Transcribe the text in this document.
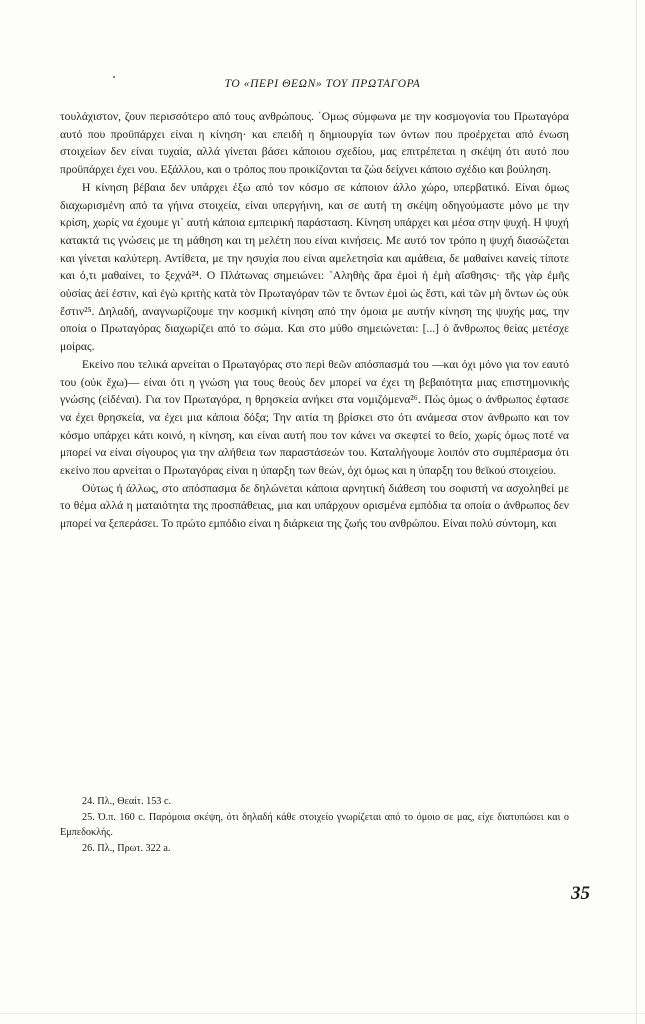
ΤΟ «ΠΕΡΙ ΘΕΩΝ» ΤΟΥ ΠΡΩΤΑΓΟΡΑ

τουλάχιστον, ζουν περισσότερο από τους ανθρώπους. ΄Ομως σύμφωνα με την κοσμογονία του Πρωταγόρα αυτό που προϋπάρχει είναι η κίνηση· και επειδή η δημιουργία των όντων που προέρχεται από ένωση στοιχείων δεν είναι τυχαία, αλλά γίνεται βάσει κάποιου σχεδίου, μας επιτρέπεται η σκέψη ότι αυτό που προϋπάρχει έχει νου. Εξάλλου, και ο τρόπος που προικίζονται τα ζώα δείχνει κάποιο σχέδιο και βούληση.

Η κίνηση βέβαια δεν υπάρχει έξω από τον κόσμο σε κάποιον άλλο χώρο, υπερβατικό. Είναι όμως διαχωρισμένη από τα γήινα στοιχεία, είναι υπεργήινη, και σε αυτή τη σκέψη οδηγούμαστε μόνο με την κρίση, χωρίς να έχουμε γι᾽ αυτή κάποια εμπειρική παράσταση. Κίνηση υπάρχει και μέσα στην ψυχή. Η ψυχή κατακτά τις γνώσεις με τη μάθηση και τη μελέτη που είναι κινήσεις. Με αυτό τον τρόπο η ψυχή διασώζεται και γίνεται καλύτερη. Αντίθετα, με την ησυχία που είναι αμελετησία και αμάθεια, δε μαθαίνει κανείς τίποτε και ό,τι μαθαίνει, το ξεχνά²⁴. Ο Πλάτωνας σημειώνει: ᾽Αληθὴς ἄρα ἐμοὶ ἡ ἐμὴ αἴσθησις· τῆς γὰρ ἐμῆς οὐσίας ἀεί ἐστιν, καὶ ἐγὼ κριτὴς κατὰ τὸν Πρωταγόραν τῶν τε ὄντων ἐμοὶ ὡς ἔστι, καὶ τῶν μὴ ὄντων ὡς οὐκ ἔστιν²⁵. Δηλαδή, αναγνωρίζουμε την κοσμική κίνηση από την όμοια με αυτήν κίνηση της ψυχής μας, την οποία ο Πρωταγόρας διαχωρίζει από το σώμα. Και στο μύθο σημειώνεται: [...] ὁ ἄνθρωπος θείας μετέσχε μοίρας.

Εκείνο που τελικά αρνείται ο Πρωταγόρας στο περὶ θεῶν απόσπασμά του —και όχι μόνο για τον εαυτό του (οὐκ ἔχω)— είναι ότι η γνώση για τους θεούς δεν μπορεί να έχει τη βεβαιότητα μιας επιστημονικής γνώσης (εἰδέναι). Για τον Πρωταγόρα, η θρησκεία ανήκει στα νομιζόμενα²⁶. Πώς όμως ο άνθρωπος έφτασε να έχει θρησκεία, να έχει μια κάποια δόξα; Την αιτία τη βρίσκει στο ότι ανάμεσα στον άνθρωπο και τον κόσμο υπάρχει κάτι κοινό, η κίνηση, και είναι αυτή που τον κάνει να σκεφτεί το θείο, χωρίς όμως ποτέ να μπορεί να είναι σίγουρος για την αλήθεια των παραστάσεών του. Καταλήγουμε λοιπόν στο συμπέρασμα ότι εκείνο που αρνείται ο Πρωταγόρας είναι η ύπαρξη των θεών, όχι όμως και η ύπαρξη του θεϊκού στοιχείου.

Ούτως ή άλλως, στο απόσπασμα δε δηλώνεται κάποια αρνητική διάθεση του σοφιστή να ασχοληθεί με το θέμα αλλά η ματαιότητα της προσπάθειας, μια και υπάρχουν ορισμένα εμπόδια τα οποία ο άνθρωπος δεν μπορεί να ξεπεράσει. Το πρώτο εμπόδιο είναι η διάρκεια της ζωής του ανθρώπου. Είναι πολύ σύντομη, και

24. Πλ., Θεαίτ. 153 c.

25. Ό.π. 160 c. Παρόμοια σκέψη, ότι δηλαδή κάθε στοιχείο γνωρίζεται από το όμοιο σε μας, είχε διατυπώσει και ο Εμπεδοκλής.

26. Πλ., Πρωτ. 322 a.

35
